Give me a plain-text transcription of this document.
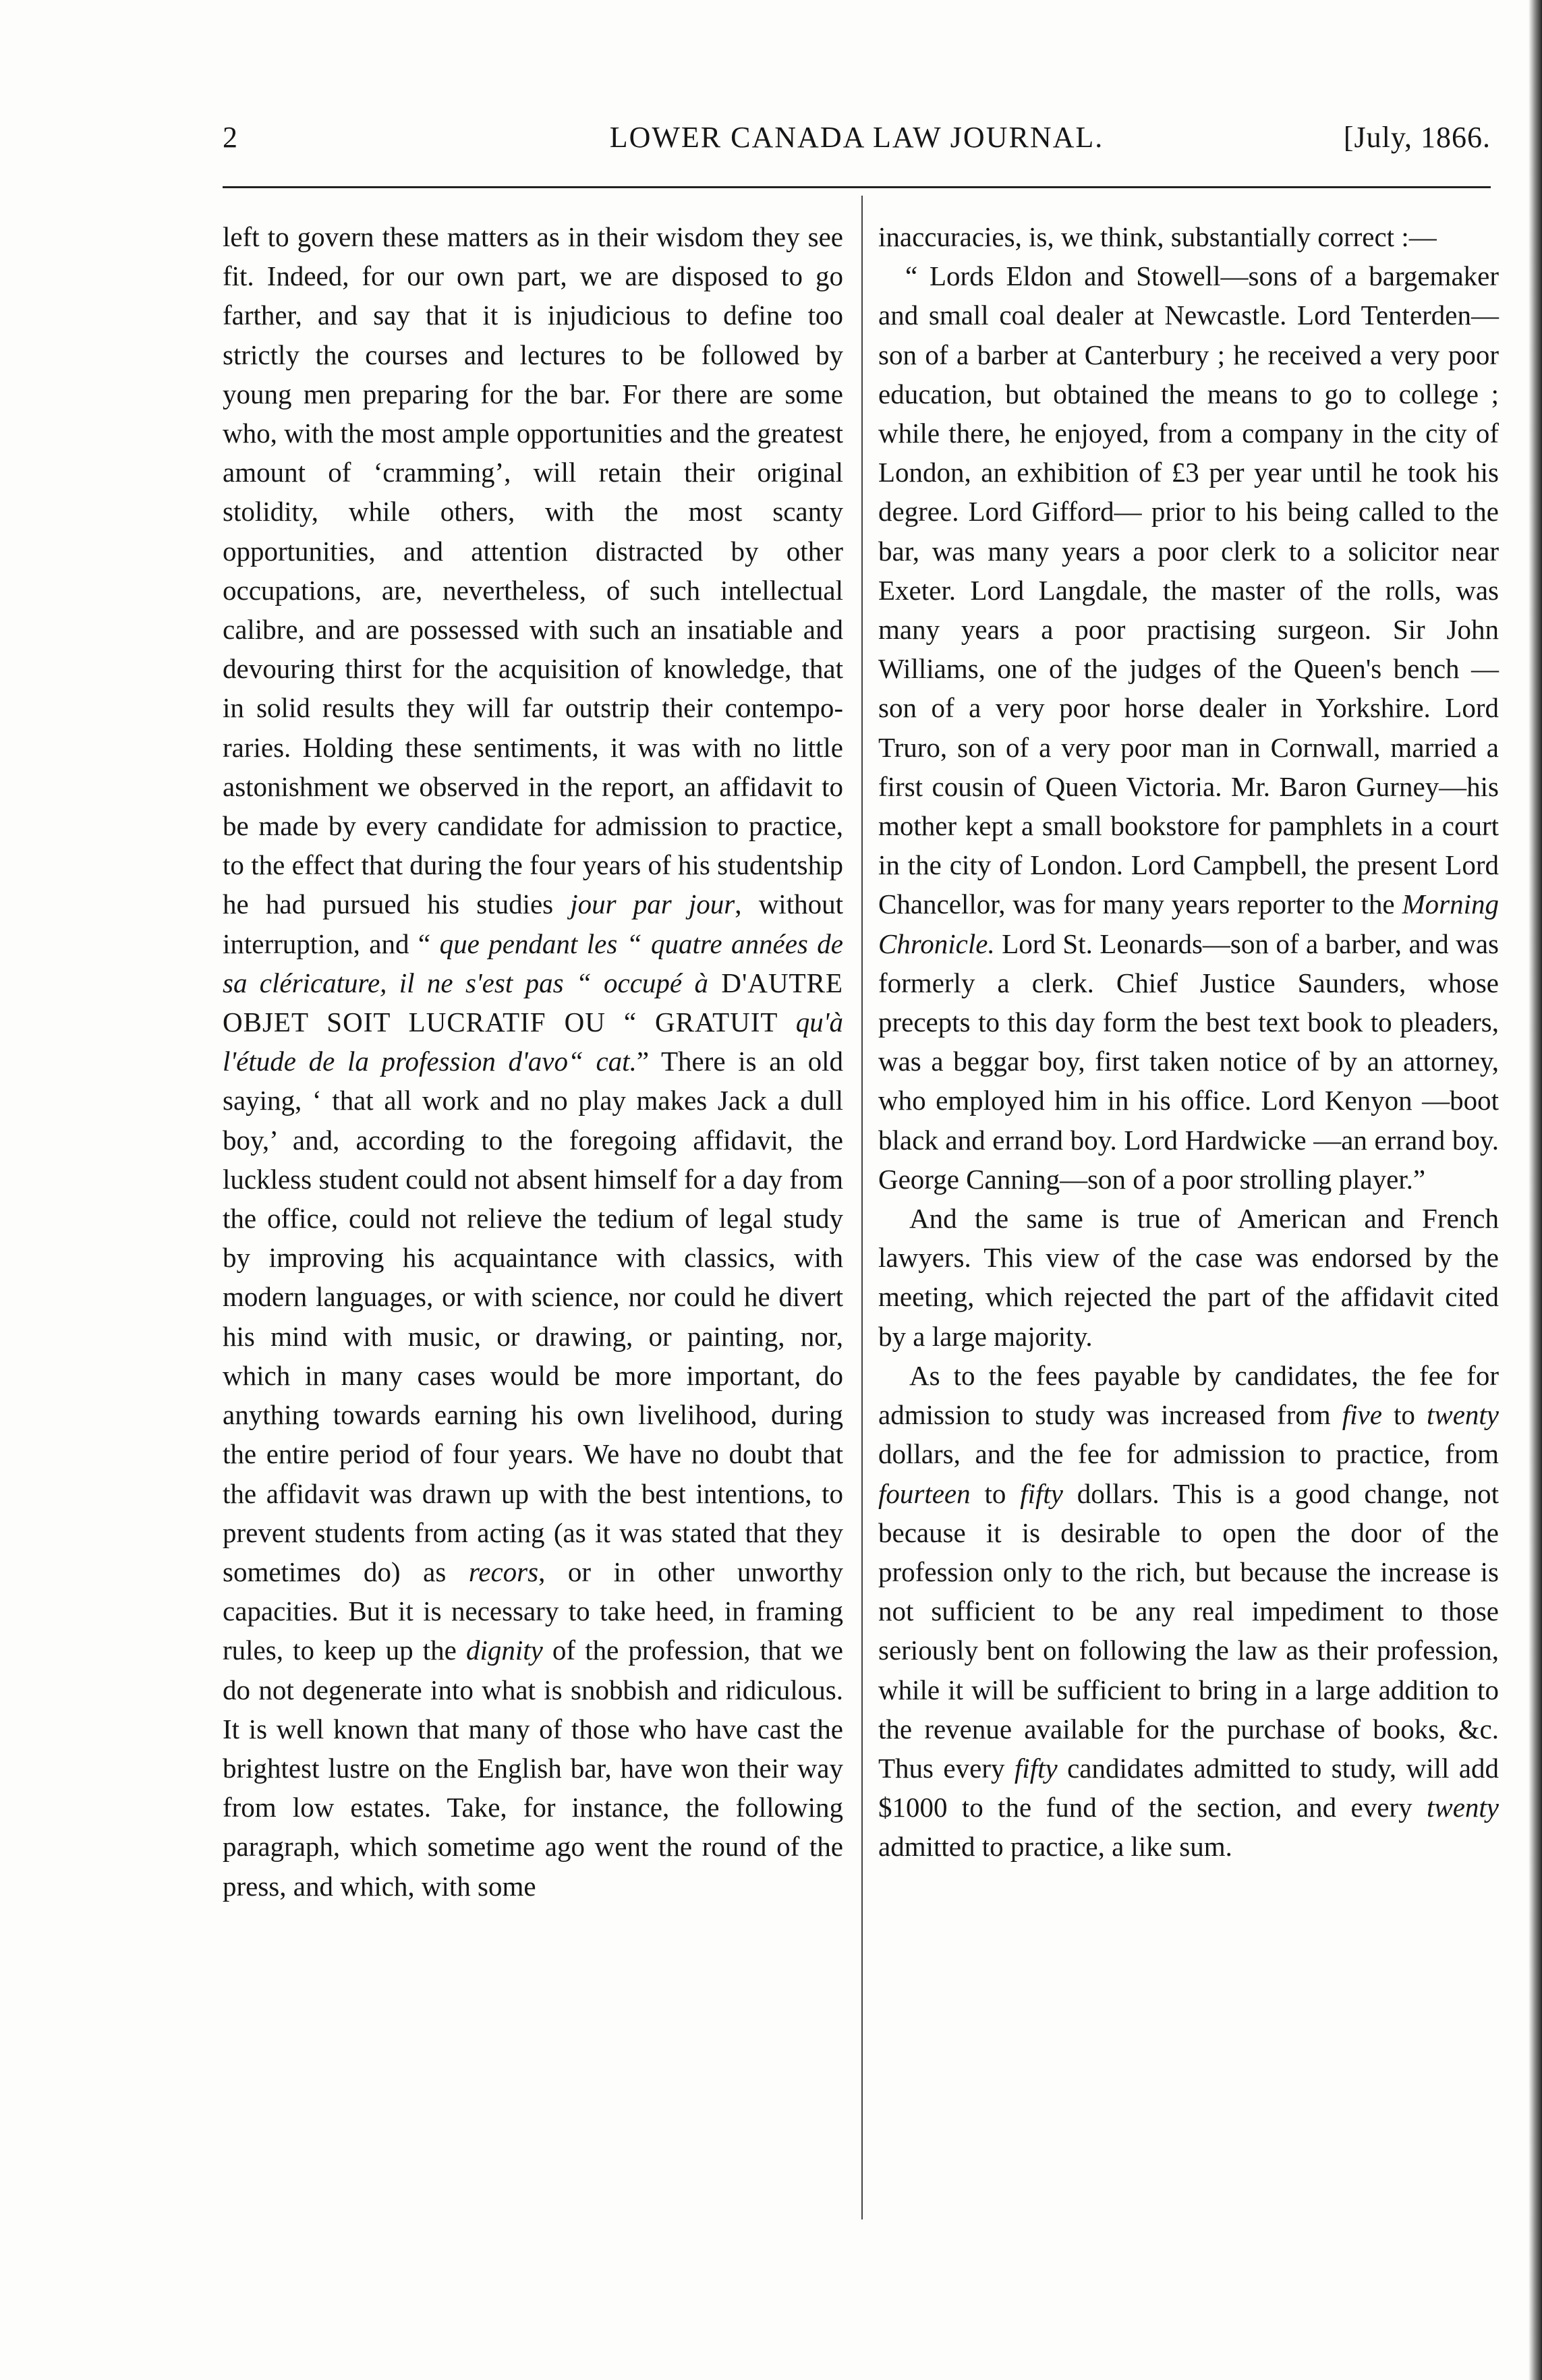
2	LOWER CANADA LAW JOURNAL.	[July, 1866.

left to govern these matters as in their wisdom they see fit. Indeed, for our own part, we are disposed to go farther, and say that it is injudicious to define too strictly the courses and lectures to be followed by young men preparing for the bar. For there are some who, with the most ample opportunities and the greatest amount of ‘cramming’, will retain their original stolidity, while others, with the most scanty opportunities, and attention distracted by other occupations, are, nevertheless, of such intellectual calibre, and are possessed with such an insatiable and devouring thirst for the acquisition of knowledge, that in solid results they will far outstrip their contemporaries. Holding these sentiments, it was with no little astonishment we observed in the report, an affidavit to be made by every candidate for admission to practice, to the effect that during the four years of his studentship he had pursued his studies jour par jour, without interruption, and “ que pendant les “ quatre années de sa cléricature, il ne s'est pas “ occupé à D'AUTRE OBJET SOIT LUCRATIF OU “ GRATUIT qu'à l'étude de la profession d'avo“ cat.” There is an old saying, ‘ that all work and no play makes Jack a dull boy,’ and, according to the foregoing affidavit, the luckless student could not absent himself for a day from the office, could not relieve the tedium of legal study by improving his acquaintance with classics, with modern languages, or with science, nor could he divert his mind with music, or drawing, or painting, nor, which in many cases would be more important, do anything towards earning his own livelihood, during the entire period of four years. We have no doubt that the affidavit was drawn up with the best intentions, to prevent students from acting (as it was stated that they sometimes do) as recors, or in other unworthy capacities. But it is necessary to take heed, in framing rules, to keep up the dignity of the profession, that we do not degenerate into what is snobbish and ridiculous. It is well known that many of those who have cast the brightest lustre on the English bar, have won their way from low estates. Take, for instance, the following paragraph, which sometime ago went the round of the press, and which, with some

inaccuracies, is, we think, substantially correct :—

“ Lords Eldon and Stowell—sons of a bargemaker and small coal dealer at Newcastle. Lord Tenterden—son of a barber at Canterbury ; he received a very poor education, but obtained the means to go to college ; while there, he enjoyed, from a company in the city of London, an exhibition of £3 per year until he took his degree. Lord Gifford— prior to his being called to the bar, was many years a poor clerk to a solicitor near Exeter. Lord Langdale, the master of the rolls, was many years a poor practising surgeon. Sir John Williams, one of the judges of the Queen's bench — son of a very poor horse dealer in Yorkshire. Lord Truro, son of a very poor man in Cornwall, married a first cousin of Queen Victoria. Mr. Baron Gurney—his mother kept a small bookstore for pamphlets in a court in the city of London. Lord Campbell, the present Lord Chancellor, was for many years reporter to the Morning Chronicle. Lord St. Leonards—son of a barber, and was formerly a clerk. Chief Justice Saunders, whose precepts to this day form the best text book to pleaders, was a beggar boy, first taken notice of by an attorney, who employed him in his office. Lord Kenyon —boot black and errand boy. Lord Hardwicke —an errand boy. George Canning—son of a poor strolling player.”

And the same is true of American and French lawyers. This view of the case was endorsed by the meeting, which rejected the part of the affidavit cited by a large majority.

As to the fees payable by candidates, the fee for admission to study was increased from five to twenty dollars, and the fee for admission to practice, from fourteen to fifty dollars. This is a good change, not because it is desirable to open the door of the profession only to the rich, but because the increase is not sufficient to be any real impediment to those seriously bent on following the law as their profession, while it will be sufficient to bring in a large addition to the revenue available for the purchase of books, &c. Thus every fifty candidates admitted to study, will add $1000 to the fund of the section, and every twenty admitted to practice, a like sum.
